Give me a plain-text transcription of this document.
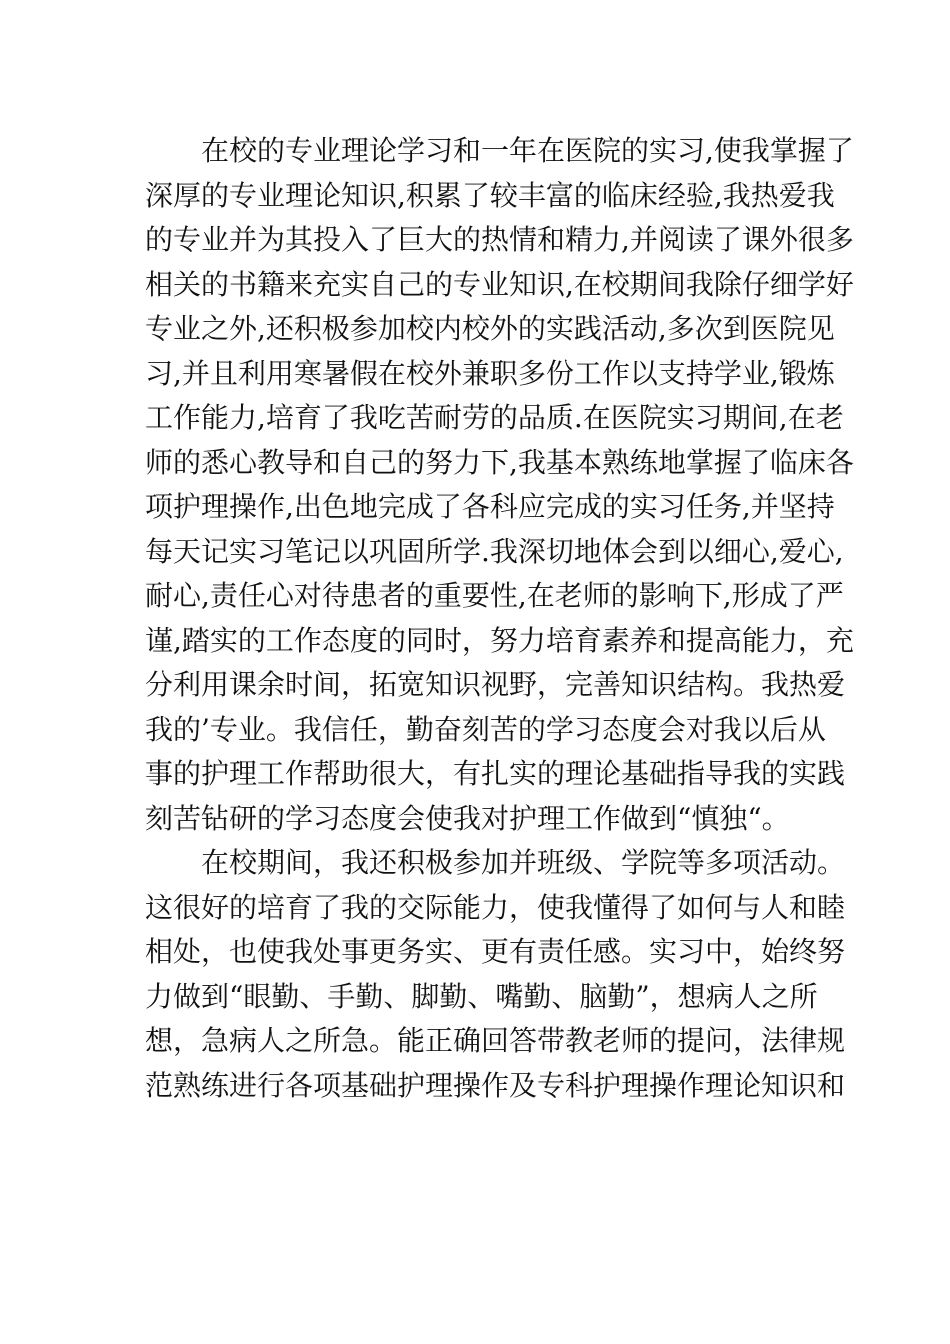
在校的专业理论学习和一年在医院的实习,使我掌握了
深厚的专业理论知识,积累了较丰富的临床经验,我热爱我
的专业并为其投入了巨大的热情和精力,并阅读了课外很多
相关的书籍来充实自己的专业知识,在校期间我除仔细学好
专业之外,还积极参加校内校外的实践活动,多次到医院见
习,并且利用寒暑假在校外兼职多份工作以支持学业,锻炼
工作能力,培育了我吃苦耐劳的品质.在医院实习期间,在老
师的悉心教导和自己的努力下,我基本熟练地掌握了临床各
项护理操作,出色地完成了各科应完成的实习任务,并坚持
每天记实习笔记以巩固所学.我深切地体会到以细心,爱心,
耐心,责任心对待患者的重要性,在老师的影响下,形成了严
谨,踏实的工作态度的同时，努力培育素养和提高能力，充
分利用课余时间，拓宽知识视野，完善知识结构。我热爱
我的’专业。我信任，勤奋刻苦的学习态度会对我以后从
事的护理工作帮助很大，有扎实的理论基础指导我的实践
刻苦钻研的学习态度会使我对护理工作做到“慎独“。
在校期间，我还积极参加并班级、学院等多项活动。
这很好的培育了我的交际能力，使我懂得了如何与人和睦
相处，也使我处事更务实、更有责任感。实习中，始终努
力做到“眼勤、手勤、脚勤、嘴勤、脑勤”，想病人之所
想，急病人之所急。能正确回答带教老师的提问，法律规
范熟练进行各项基础护理操作及专科护理操作理论知识和
